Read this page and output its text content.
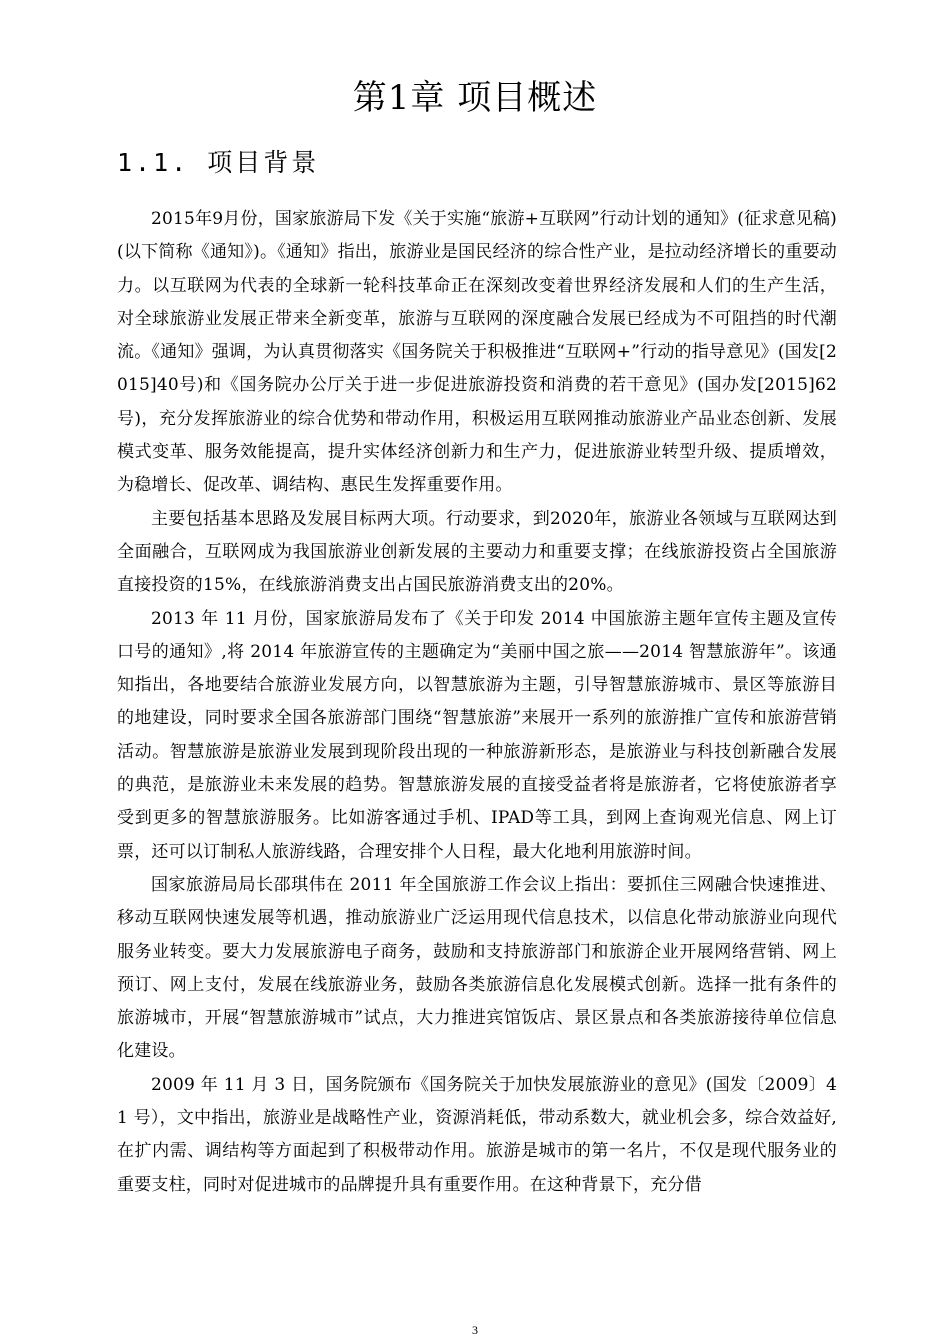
第1章 项目概述
1.1. 项目背景

2015年9月份，国家旅游局下发《关于实施“旅游+互联网”行动计划的通知》(征求意见稿)(以下简称《通知》)。《通知》指出，旅游业是国民经济的综合性产业，是拉动经济增长的重要动力。以互联网为代表的全球新一轮科技革命正在深刻改变着世界经济发展和人们的生产生活，对全球旅游业发展正带来全新变革，旅游与互联网的深度融合发展已经成为不可阻挡的时代潮流。《通知》强调，为认真贯彻落实《国务院关于积极推进“互联网+”行动的指导意见》(国发[2015]40号)和《国务院办公厅关于进一步促进旅游投资和消费的若干意见》(国办发[2015]62号)，充分发挥旅游业的综合优势和带动作用，积极运用互联网推动旅游业产品业态创新、发展模式变革、服务效能提高，提升实体经济创新力和生产力，促进旅游业转型升级、提质增效，为稳增长、促改革、调结构、惠民生发挥重要作用。

主要包括基本思路及发展目标两大项。行动要求，到2020年，旅游业各领域与互联网达到全面融合，互联网成为我国旅游业创新发展的主要动力和重要支撑；在线旅游投资占全国旅游直接投资的15%，在线旅游消费支出占国民旅游消费支出的20%。

2013 年 11 月份，国家旅游局发布了《关于印发 2014 中国旅游主题年宣传主题及宣传口号的通知》,将 2014 年旅游宣传的主题确定为“美丽中国之旅——2014 智慧旅游年”。该通知指出，各地要结合旅游业发展方向，以智慧旅游为主题，引导智慧旅游城市、景区等旅游目的地建设，同时要求全国各旅游部门围绕“智慧旅游”来展开一系列的旅游推广宣传和旅游营销活动。智慧旅游是旅游业发展到现阶段出现的一种旅游新形态，是旅游业与科技创新融合发展的典范，是旅游业未来发展的趋势。智慧旅游发展的直接受益者将是旅游者，它将使旅游者享受到更多的智慧旅游服务。比如游客通过手机、IPAD等工具，到网上查询观光信息、网上订票，还可以订制私人旅游线路，合理安排个人日程，最大化地利用旅游时间。

国家旅游局局长邵琪伟在 2011 年全国旅游工作会议上指出：要抓住三网融合快速推进、移动互联网快速发展等机遇，推动旅游业广泛运用现代信息技术，以信息化带动旅游业向现代服务业转变。要大力发展旅游电子商务，鼓励和支持旅游部门和旅游企业开展网络营销、网上预订、网上支付，发展在线旅游业务，鼓励各类旅游信息化发展模式创新。选择一批有条件的旅游城市，开展“智慧旅游城市”试点，大力推进宾馆饭店、景区景点和各类旅游接待单位信息化建设。

2009 年 11 月 3 日，国务院颁布《国务院关于加快发展旅游业的意见》(国发〔2009〕41 号），文中指出，旅游业是战略性产业，资源消耗低，带动系数大，就业机会多，综合效益好,在扩内需、调结构等方面起到了积极带动作用。旅游是城市的第一名片，不仅是现代服务业的重要支柱，同时对促进城市的品牌提升具有重要作用。在这种背景下，充分借

3
